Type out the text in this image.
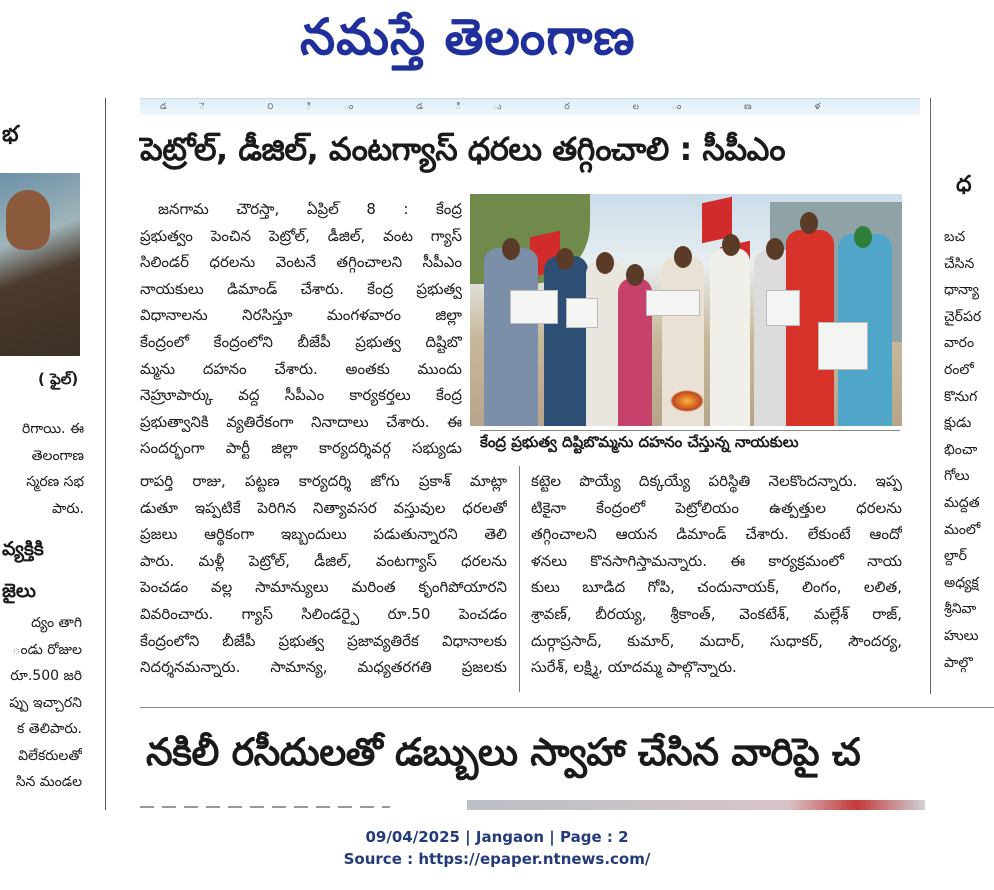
నమస్తే తెలంగాణ
డ ె ౦ ి ం డ ి ు ర ల ం ణ ళ
భ
( ఫైల్)

రిగాయి. ఈ

తెలంగాణ

స్మరణ సభ

పారు.

వ్యక్తికి
జైలు

ద్యం తాగి

ండు రోజుల

రూ.500 జరి

ప్పు ఇచ్చారని

క తెలిపారు.

విలేకరులతో

సిన మండల

పెట్రోల్, డీజిల్, వంటగ్యాస్ ధరలు తగ్గించాలి : సీపీఎం
కేంద్ర ప్రభుత్వ దిష్టిబొమ్మను దహనం చేస్తున్న నాయకులు

జనగామ చౌరస్తా, ఏప్రిల్ 8 : కేంద్ర

ప్రభుత్వం పెంచిన పెట్రోల్, డీజిల్, వంట గ్యాస్

సిలిండర్ ధరలను వెంటనే తగ్గించాలని సీపీఎం

నాయకులు డిమాండ్ చేశారు. కేంద్ర ప్రభుత్వ

విధానాలను నిరసిస్తూ మంగళవారం జిల్లా

కేంద్రంలో కేంద్రంలోని బీజేపీ ప్రభుత్వ దిష్టిబొ

మ్మను దహనం చేశారు. అంతకు ముందు

నెహ్రూపార్కు వద్ద సీపీఎం కార్యకర్తలు కేంద్ర

ప్రభుత్వానికి వ్యతిరేకంగా నినాదాలు చేశారు. ఈ

సందర్భంగా పార్టీ జిల్లా కార్యదర్శివర్గ సభ్యుడు

రాపర్తి రాజు, పట్టణ కార్యదర్శి జోగు ప్రకాశ్ మాట్లా

డుతూ ఇప్పటికే పెరిగిన నిత్యావసర వస్తువుల ధరలతో

ప్రజలు ఆర్థికంగా ఇబ్బందులు పడుతున్నారని తెలి

పారు. మళ్లీ పెట్రోల్, డీజిల్, వంటగ్యాస్ ధరలను

పెంచడం వల్ల సామాన్యులు మరింత కృంగిపోయారని

వివరించారు. గ్యాస్ సిలిండర్పై రూ.50 పెంచడం

కేంద్రంలోని బీజేపీ ప్రభుత్వ ప్రజావ్యతిరేక విధానాలకు

నిదర్శనమన్నారు. సామాన్య, మధ్యతరగతి ప్రజలకు

కట్టెల పొయ్యే దిక్కయ్యే పరిస్థితి నెలకొందన్నారు. ఇప్ప

టికైనా కేంద్రంలో పెట్రోలియం ఉత్పత్తుల ధరలను

తగ్గించాలని ఆయన డిమాండ్ చేశారు. లేకుంటే ఆందో

ళనలు కొనసాగిస్తామన్నారు. ఈ కార్యక్రమంలో నాయ

కులు బూడిద గోపి, చందునాయక్, లింగం, లలిత,

శ్రావణ్, బీరయ్య, శ్రీకాంత్, వెంకటేశ్, మల్లేశ్ రాజ్,

దుర్గాప్రసాద్, కుమార్, మదార్, సుధాకర్, సౌందర్య,

సురేశ్, లక్ష్మి, యాదమ్మ పాల్గొన్నారు.

ధ

బచ

చేసిన

ధాన్యా

చైర్‌పర

వారం

రంలో

కొనుగ

క్షుడు

భించా

గోలు

మద్దత

మంలో

ల్దార్

అధ్యక్ష

శ్రీనివా

హులు

పాల్గొ

నకిలీ రసీదులతో డబ్బులు స్వాహా చేసిన వారిపై చ
09/04/2025 | Jangaon | Page : 2
Source : https://epaper.ntnews.com/
